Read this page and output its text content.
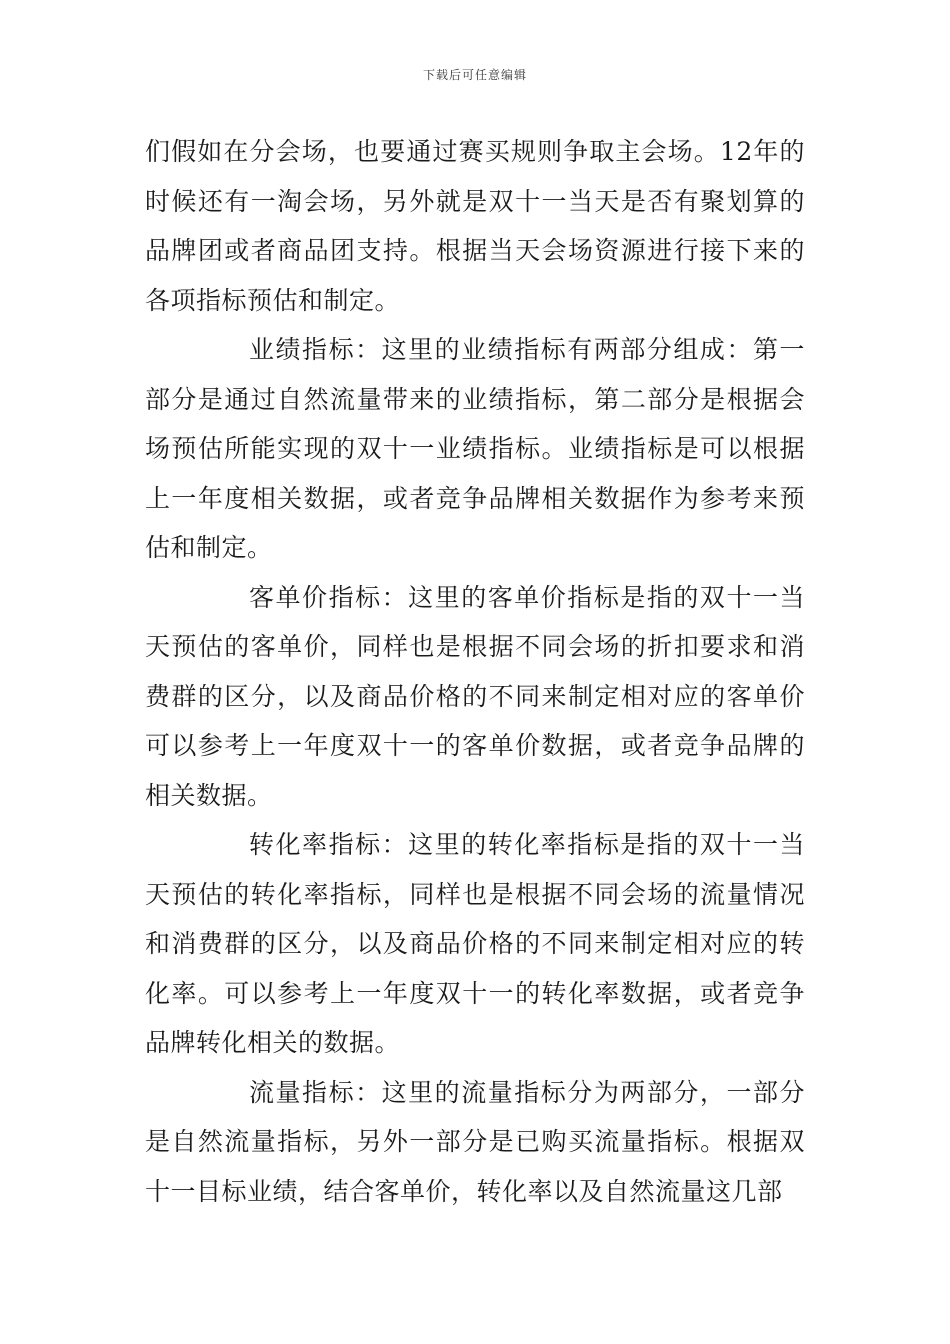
下载后可任意编辑

们假如在分会场，也要通过赛买规则争取主会场。12年的时候还有一淘会场，另外就是双十一当天是否有聚划算的品牌团或者商品团支持。根据当天会场资源进行接下来的各项指标预估和制定。

业绩指标：这里的业绩指标有两部分组成：第一部分是通过自然流量带来的业绩指标，第二部分是根据会场预估所能实现的双十一业绩指标。业绩指标是可以根据上一年度相关数据，或者竞争品牌相关数据作为参考来预估和制定。

客单价指标：这里的客单价指标是指的双十一当天预估的客单价，同样也是根据不同会场的折扣要求和消费群的区分，以及商品价格的不同来制定相对应的客单价可以参考上一年度双十一的客单价数据，或者竞争品牌的相关数据。

转化率指标：这里的转化率指标是指的双十一当天预估的转化率指标，同样也是根据不同会场的流量情况和消费群的区分，以及商品价格的不同来制定相对应的转化率。可以参考上一年度双十一的转化率数据，或者竞争品牌转化相关的数据。

流量指标：这里的流量指标分为两部分，一部分是自然流量指标，另外一部分是已购买流量指标。根据双十一目标业绩，结合客单价，转化率以及自然流量这几部
